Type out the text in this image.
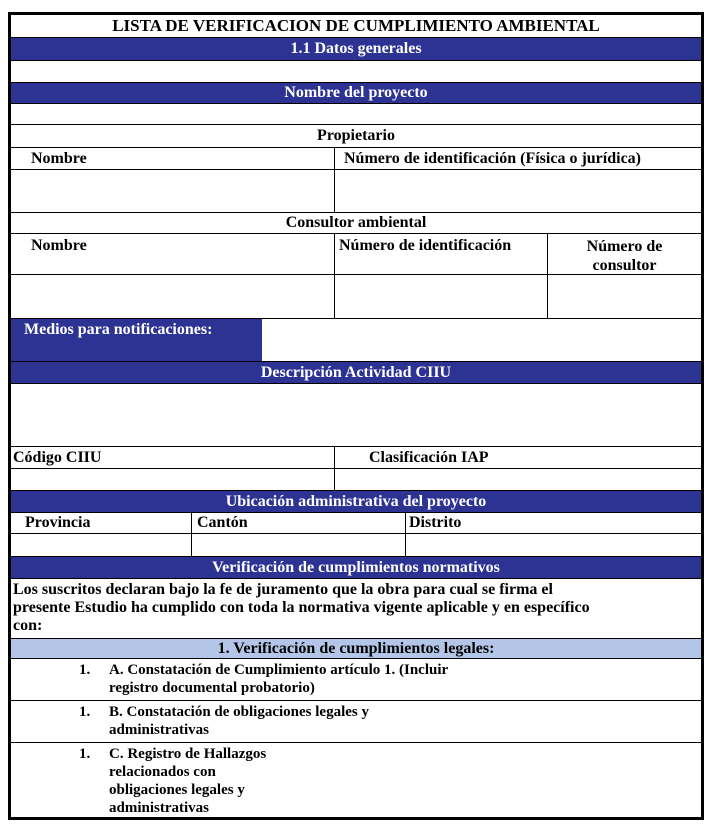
LISTA DE VERIFICACION DE CUMPLIMIENTO AMBIENTAL
1.1 Datos generales
Nombre del proyecto
Propietario
Nombre	Número de identificación (Física o jurídica)
Consultor ambiental
Nombre	Número de identificación	Número de
consultor
Medios para notificaciones:
Descripción Actividad CIIU
Código CIIU	Clasificación IAP
Ubicación administrativa del proyecto
Provincia	Cantón	Distrito
Verificación de cumplimientos normativos
Los suscritos declaran bajo la fe de juramento que la obra para cual se firma el
presente Estudio ha cumplido con toda la normativa vigente aplicable y en específico
con:
1. Verificación de cumplimientos legales:
1. A. Constatación de Cumplimiento artículo 1. (Incluir
registro documental probatorio)
1. B. Constatación de obligaciones legales y
administrativas
1. C. Registro de Hallazgos
relacionados con
obligaciones legales y
administrativas
